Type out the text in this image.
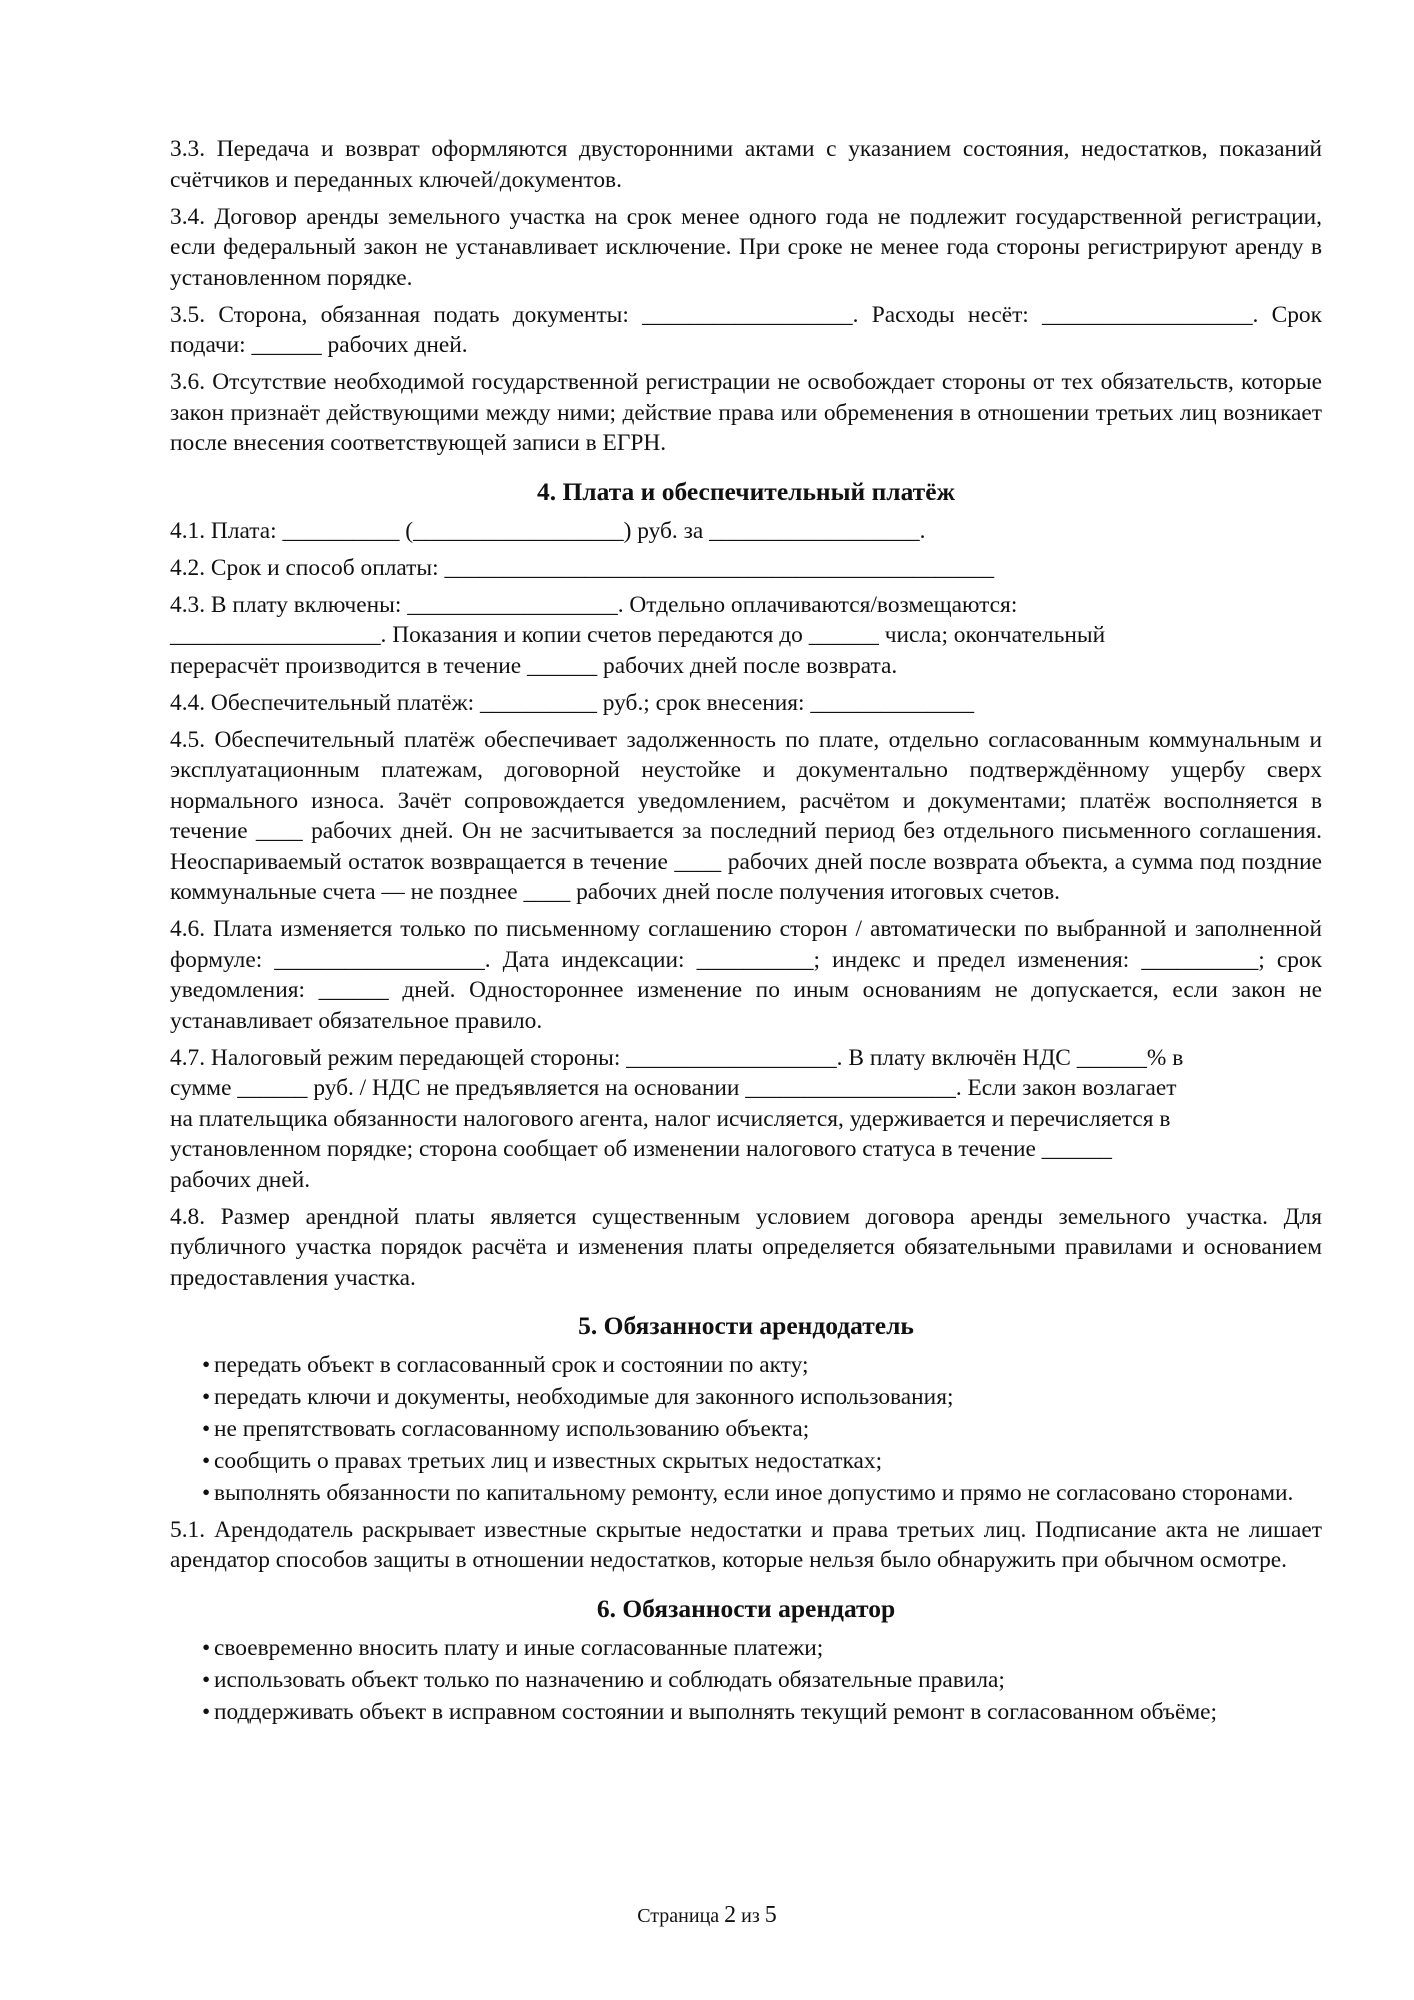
3.3. Передача и возврат оформляются двусторонними актами с указанием состояния, недостатков, показаний счётчиков и переданных ключей/документов.

3.4. Договор аренды земельного участка на срок менее одного года не подлежит государственной регистрации, если федеральный закон не устанавливает исключение. При сроке не менее года стороны регистрируют аренду в установленном порядке.

3.5. Сторона, обязанная подать документы: __________________. Расходы несёт: __________________. Срок подачи: ______ рабочих дней.

3.6. Отсутствие необходимой государственной регистрации не освобождает стороны от тех обязательств, которые закон признаёт действующими между ними; действие права или обременения в отношении третьих лиц возникает после внесения соответствующей записи в ЕГРН.

4. Плата и обеспечительный платёж

4.1. Плата: __________ (__________________) руб. за __________________.

4.2. Срок и способ оплаты: _______________________________________________

4.3. В плату включены: __________________. Отдельно оплачиваются/возмещаются:
__________________. Показания и копии счетов передаются до ______ числа; окончательный
перерасчёт производится в течение ______ рабочих дней после возврата.

4.4. Обеспечительный платёж: __________ руб.; срок внесения: ______________

4.5. Обеспечительный платёж обеспечивает задолженность по плате, отдельно согласованным коммунальным и эксплуатационным платежам, договорной неустойке и документально подтверждённому ущербу сверх нормального износа. Зачёт сопровождается уведомлением, расчётом и документами; платёж восполняется в течение ____ рабочих дней. Он не засчитывается за последний период без отдельного письменного соглашения. Неоспариваемый остаток возвращается в течение ____ рабочих дней после возврата объекта, а сумма под поздние коммунальные счета — не позднее ____ рабочих дней после получения итоговых счетов.

4.6. Плата изменяется только по письменному соглашению сторон / автоматически по выбранной и заполненной формуле: __________________. Дата индексации: __________; индекс и предел изменения: __________; срок уведомления: ______ дней. Одностороннее изменение по иным основаниям не допускается, если закон не устанавливает обязательное правило.

4.7. Налоговый режим передающей стороны: __________________. В плату включён НДС ______% в
сумме ______ руб. / НДС не предъявляется на основании __________________. Если закон возлагает
на плательщика обязанности налогового агента, налог исчисляется, удерживается и перечисляется в
установленном порядке; сторона сообщает об изменении налогового статуса в течение ______
рабочих дней.

4.8. Размер арендной платы является существенным условием договора аренды земельного участка. Для публичного участка порядок расчёта и изменения платы определяется обязательными правилами и основанием предоставления участка.

5. Обязанности арендодатель
• передать объект в согласованный срок и состоянии по акту;
• передать ключи и документы, необходимые для законного использования;
• не препятствовать согласованному использованию объекта;
• сообщить о правах третьих лиц и известных скрытых недостатках;
• выполнять обязанности по капитальному ремонту, если иное допустимо и прямо не согласовано сторонами.

5.1. Арендодатель раскрывает известные скрытые недостатки и права третьих лиц. Подписание акта не лишает арендатор способов защиты в отношении недостатков, которые нельзя было обнаружить при обычном осмотре.

6. Обязанности арендатор
• своевременно вносить плату и иные согласованные платежи;
• использовать объект только по назначению и соблюдать обязательные правила;
• поддерживать объект в исправном состоянии и выполнять текущий ремонт в согласованном объёме;
Страница 2 из 5
